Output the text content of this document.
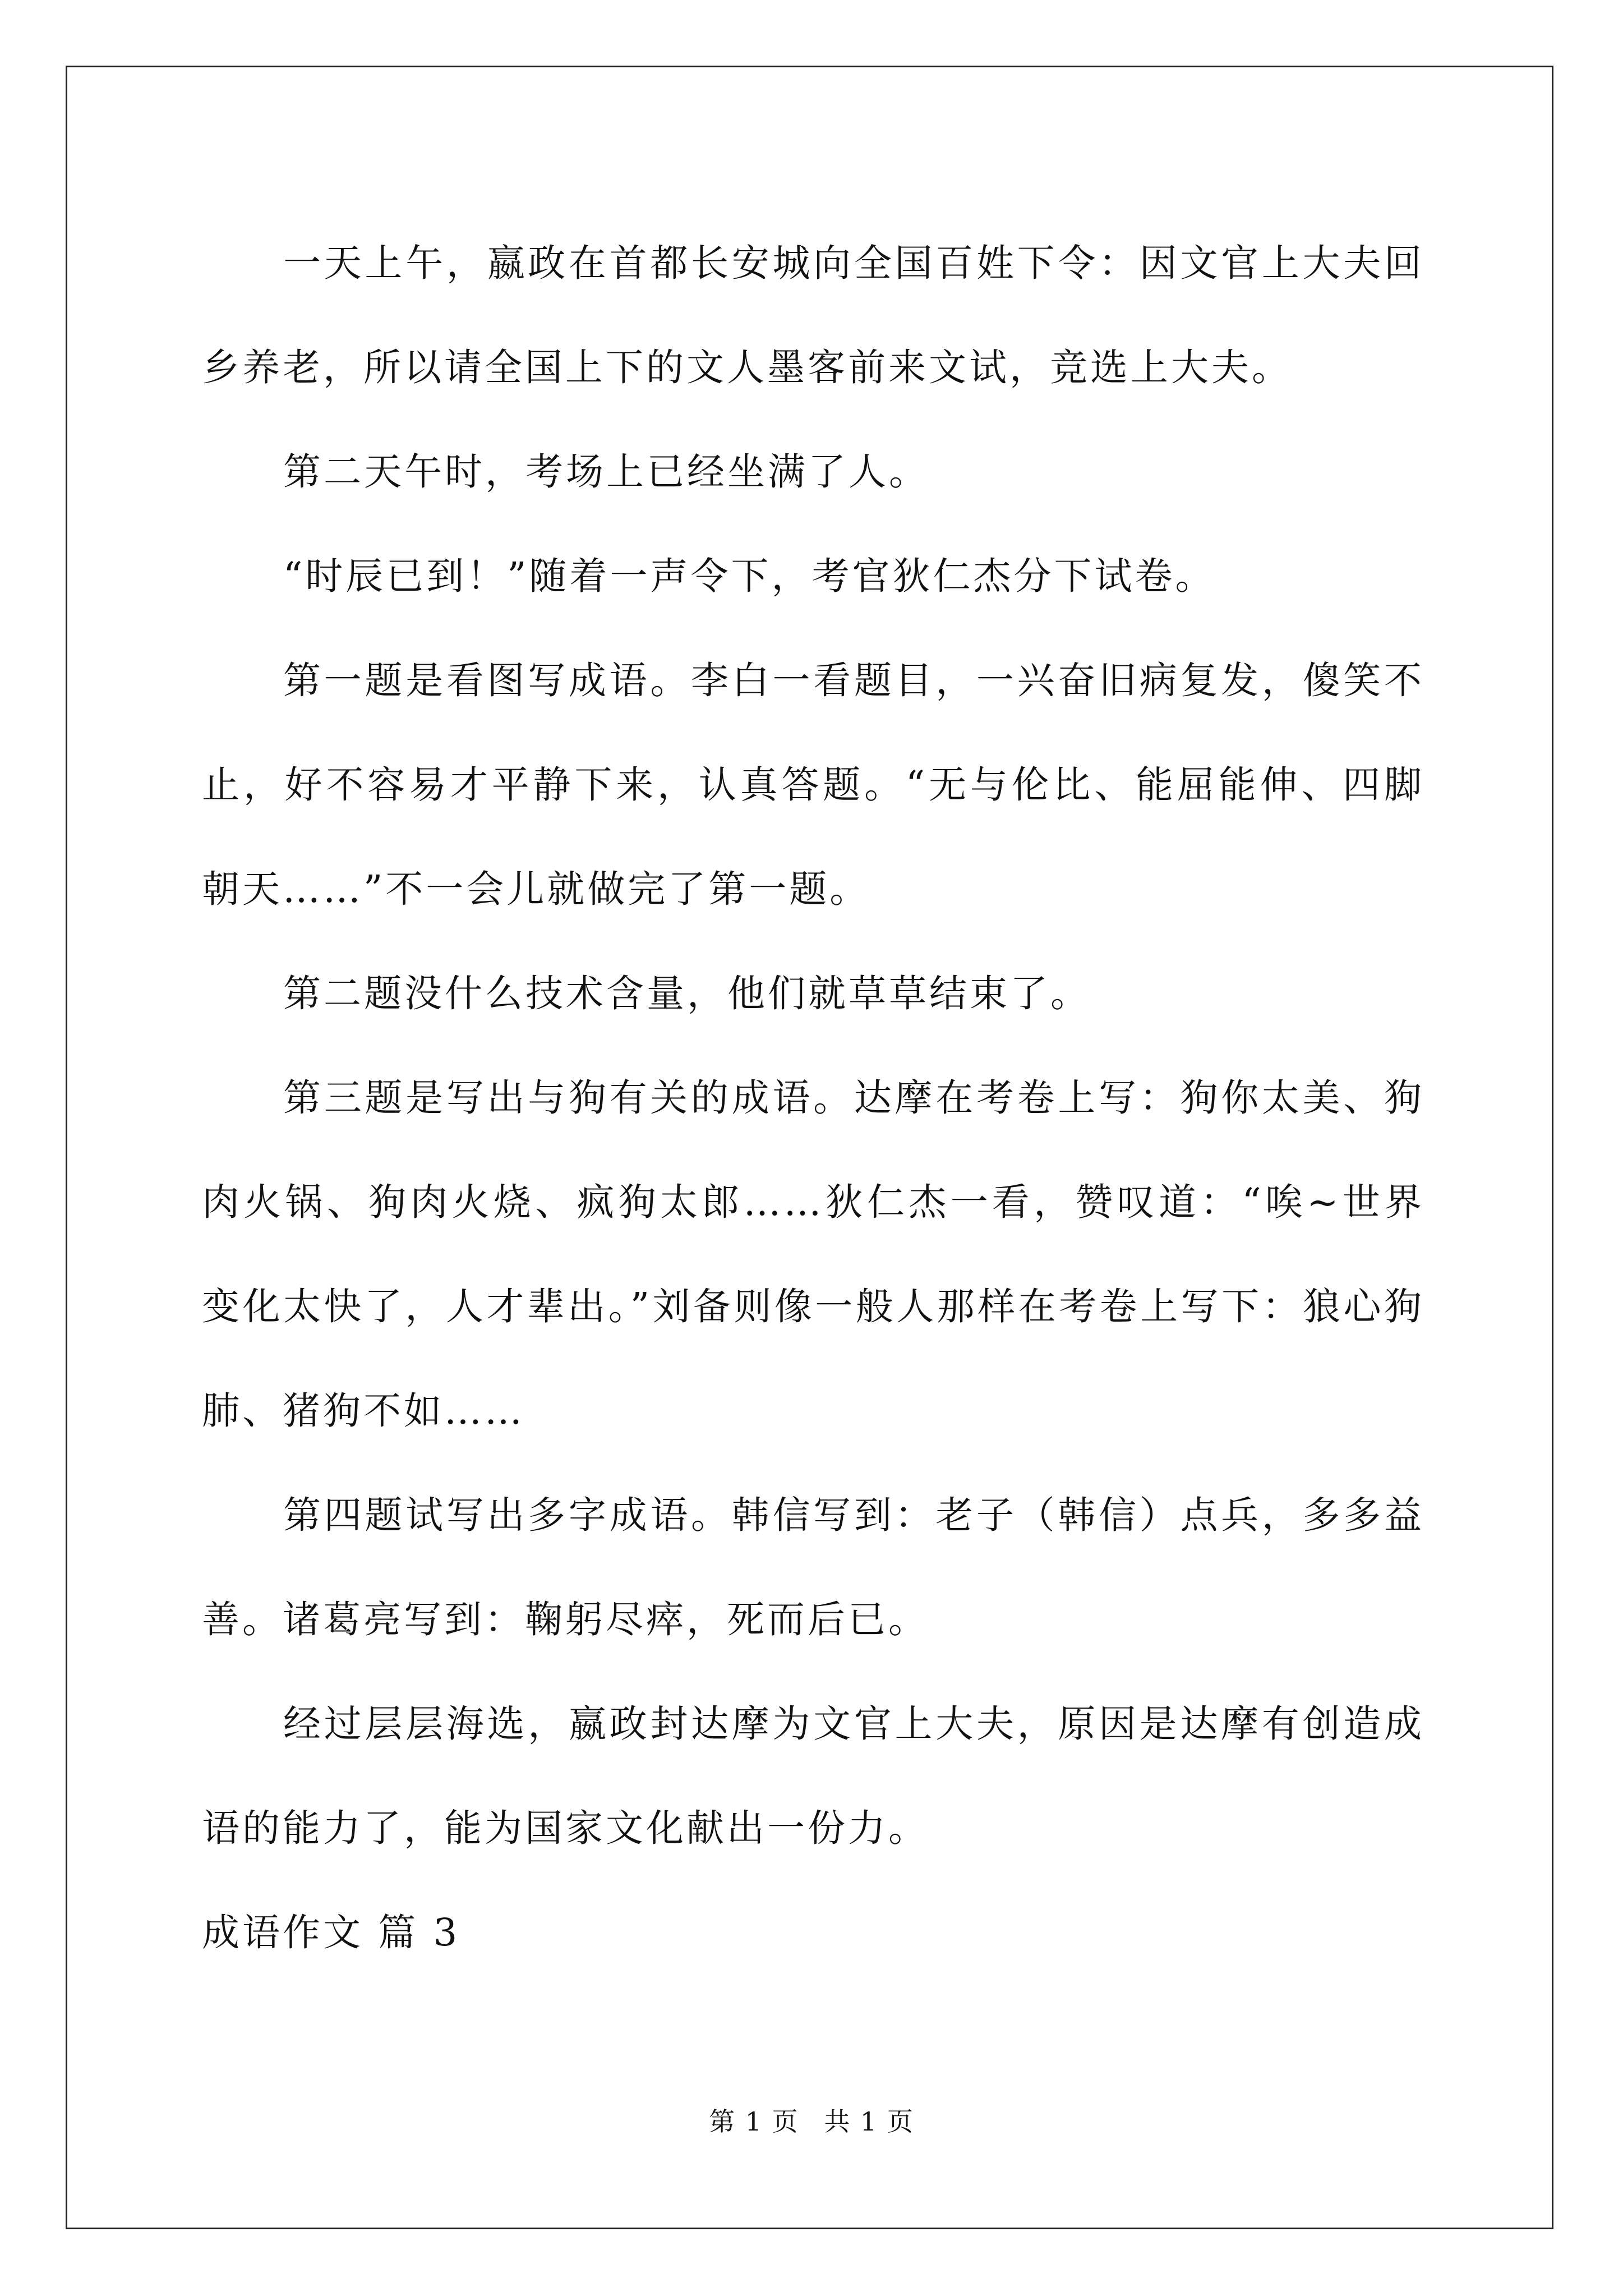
一天上午，嬴政在首都长安城向全国百姓下令：因文官上大夫回乡养老，所以请全国上下的文人墨客前来文试，竞选上大夫。

第二天午时，考场上已经坐满了人。

“时辰已到！”随着一声令下，考官狄仁杰分下试卷。

第一题是看图写成语。李白一看题目，一兴奋旧病复发，傻笑不止，好不容易才平静下来，认真答题。“无与伦比、能屈能伸、四脚朝天……”不一会儿就做完了第一题。

第二题没什么技术含量，他们就草草结束了。

第三题是写出与狗有关的成语。达摩在考卷上写：狗你太美、狗肉火锅、狗肉火烧、疯狗太郎……狄仁杰一看，赞叹道：“唉~世界变化太快了，人才辈出。”刘备则像一般人那样在考卷上写下：狼心狗肺、猪狗不如……

第四题试写出多字成语。韩信写到：老子（韩信）点兵，多多益善。诸葛亮写到：鞠躬尽瘁，死而后已。

经过层层海选，嬴政封达摩为文官上大夫，原因是达摩有创造成语的能力了，能为国家文化献出一份力。

成语作文 篇 3

第 1 页 共 1 页
